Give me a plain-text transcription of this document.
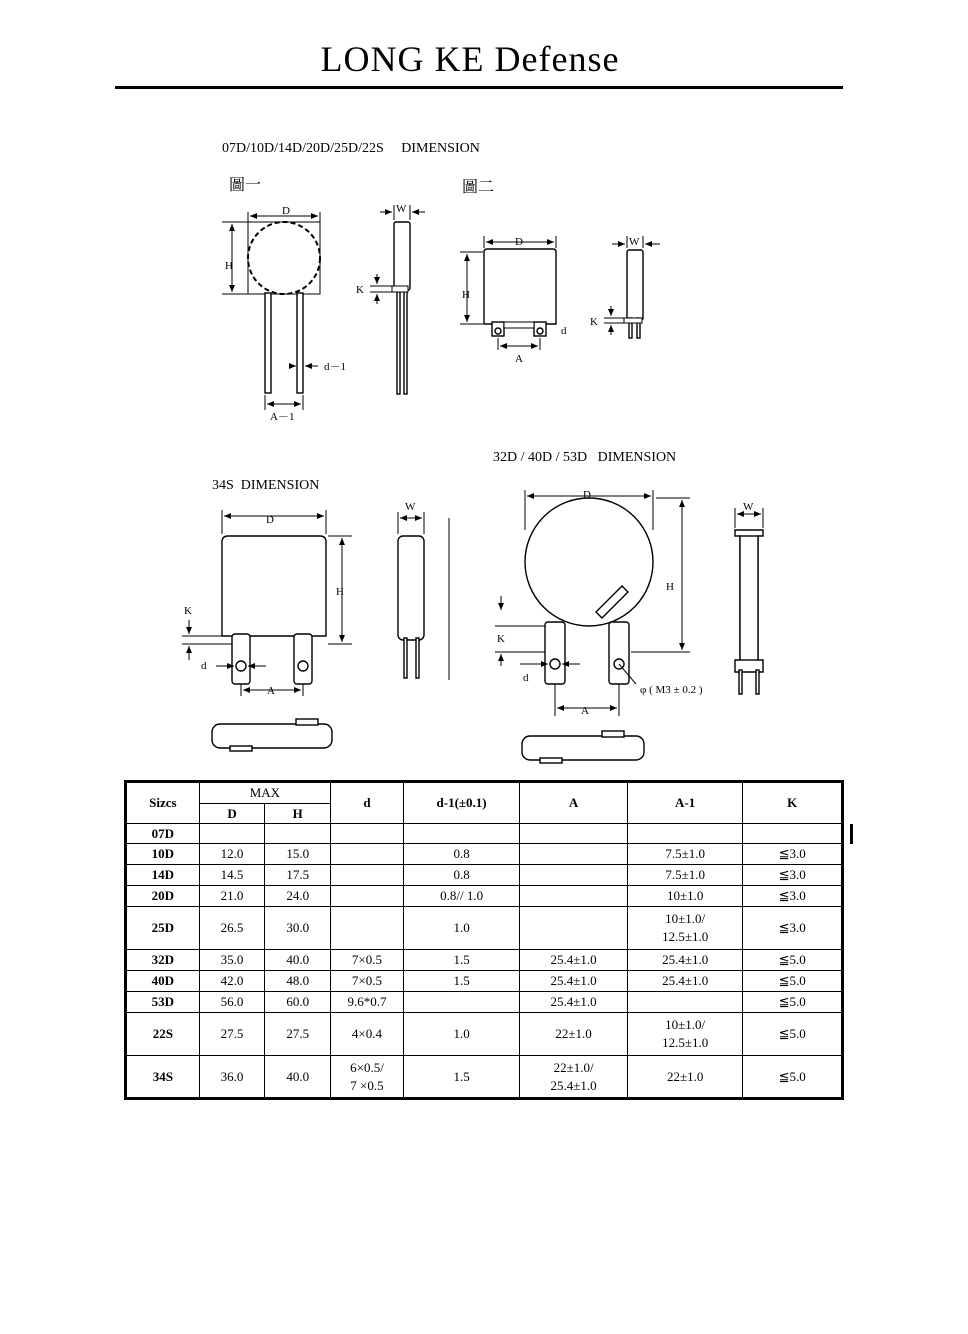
LONG KE Defense
07D/10D/14D/20D/25D/22S     DIMENSION
圖一	圖二
34S  DIMENSION
32D / 40D / 53D   DIMENSION
D
H
d－1
A－1
W
K
D
H
d
A
W
K
D
H
K
d
A
W
D
H
K
d
A
φ ( M3 ± 0.2 )
W
Sizcs	MAX		d	d-1(±0.1)	A	A-1	K
	D	H					
07D							
10D	12.0	15.0		0.8		7.5±1.0	≦3.0
14D	14.5	17.5		0.8		7.5±1.0	≦3.0
20D	21.0	24.0		0.8// 1.0		10±1.0	≦3.0
25D	26.5	30.0		1.0		10±1.0/
12.5±1.0	≦3.0
32D	35.0	40.0	7×0.5	1.5	25.4±1.0	25.4±1.0	≦5.0
40D	42.0	48.0	7×0.5	1.5	25.4±1.0	25.4±1.0	≦5.0
53D	56.0	60.0	9.6*0.7		25.4±1.0		≦5.0
22S	27.5	27.5	4×0.4	1.0	22±1.0	10±1.0/
12.5±1.0	≦5.0
34S	36.0	40.0	6×0.5/
7 ×0.5	1.5	22±1.0/
25.4±1.0	22±1.0	≦5.0
